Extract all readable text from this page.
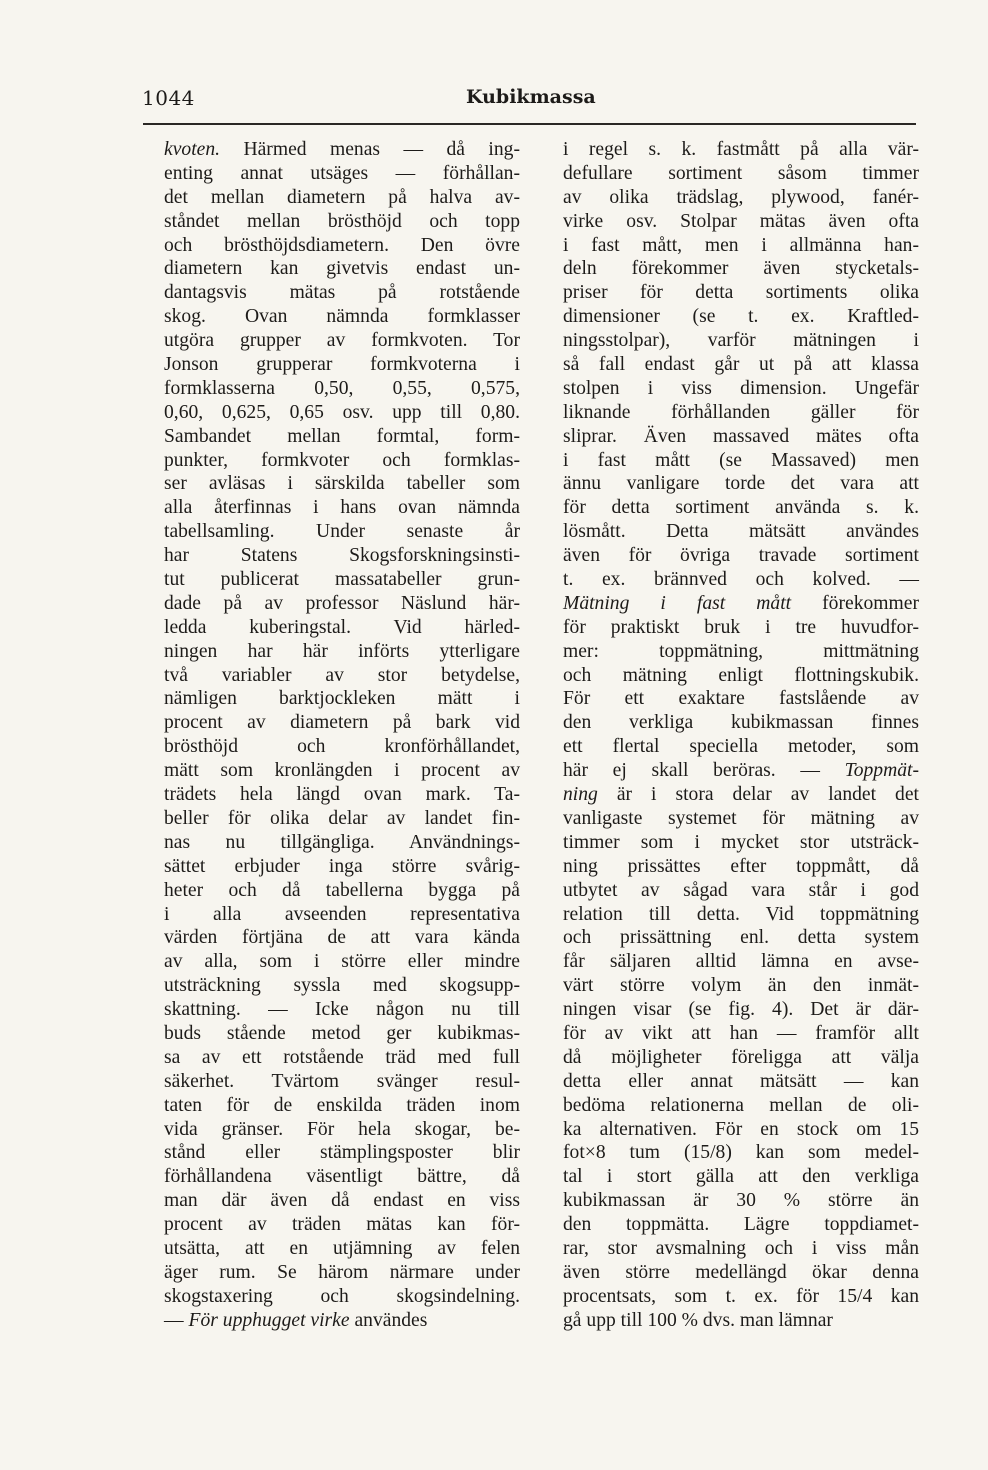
1044	Kubikmassa
kvoten. Härmed menas — då ing-
enting annat utsäges — förhållan-
det mellan diametern på halva av-
ståndet mellan brösthöjd och topp
och brösthöjdsdiametern. Den övre
diametern kan givetvis endast un-
dantagsvis mätas på rotstående
skog. Ovan nämnda formklasser
utgöra grupper av formkvoten. Tor
Jonson grupperar formkvoterna i
formklasserna 0,50, 0,55, 0,575,
0,60, 0,625, 0,65 osv. upp till 0,80.
Sambandet mellan formtal, form-
punkter, formkvoter och formklas-
ser avläsas i särskilda tabeller som
alla återfinnas i hans ovan nämnda
tabellsamling. Under senaste år
har Statens Skogsforskningsinsti-
tut publicerat massatabeller grun-
dade på av professor Näslund här-
ledda kuberingstal. Vid härled-
ningen har här införts ytterligare
två variabler av stor betydelse,
nämligen barktjockleken mätt i
procent av diametern på bark vid
brösthöjd och kronförhållandet,
mätt som kronlängden i procent av
trädets hela längd ovan mark. Ta-
beller för olika delar av landet fin-
nas nu tillgängliga. Användnings-
sättet erbjuder inga större svårig-
heter och då tabellerna bygga på
i alla avseenden representativa
värden förtjäna de att vara kända
av alla, som i större eller mindre
utsträckning syssla med skogsupp-
skattning. — Icke någon nu till
buds stående metod ger kubikmas-
sa av ett rotstående träd med full
säkerhet. Tvärtom svänger resul-
taten för de enskilda träden inom
vida gränser. För hela skogar, be-
stånd eller stämplingsposter blir
förhållandena väsentligt bättre, då
man där även då endast en viss
procent av träden mätas kan för-
utsätta, att en utjämning av felen
äger rum. Se härom närmare under
skogstaxering och skogsindelning.
— För upphugget virke användes
i regel s. k. fastmått på alla vär-
defullare sortiment såsom timmer
av olika trädslag, plywood, fanér-
virke osv. Stolpar mätas även ofta
i fast mått, men i allmänna han-
deln förekommer även stycketals-
priser för detta sortiments olika
dimensioner (se t. ex. Kraftled-
ningsstolpar), varför mätningen i
så fall endast går ut på att klassa
stolpen i viss dimension. Ungefär
liknande förhållanden gäller för
sliprar. Även massaved mätes ofta
i fast mått (se Massaved) men
ännu vanligare torde det vara att
för detta sortiment använda s. k.
lösmått. Detta mätsätt användes
även för övriga travade sortiment
t. ex. brännved och kolved. —
Mätning i fast mått förekommer
för praktiskt bruk i tre huvudfor-
mer: toppmätning, mittmätning
och mätning enligt flottningskubik.
För ett exaktare fastslående av
den verkliga kubikmassan finnes
ett flertal speciella metoder, som
här ej skall beröras. — Toppmät-
ning är i stora delar av landet det
vanligaste systemet för mätning av
timmer som i mycket stor utsträck-
ning prissättes efter toppmått, då
utbytet av sågad vara står i god
relation till detta. Vid toppmätning
och prissättning enl. detta system
får säljaren alltid lämna en avse-
värt större volym än den inmät-
ningen visar (se fig. 4). Det är där-
för av vikt att han — framför allt
då möjligheter föreligga att välja
detta eller annat mätsätt — kan
bedöma relationerna mellan de oli-
ka alternativen. För en stock om 15
fot×8 tum (15/8) kan som medel-
tal i stort gälla att den verkliga
kubikmassan är 30 % större än
den toppmätta. Lägre toppdiamet-
rar, stor avsmalning och i viss mån
även större medellängd ökar denna
procentsats, som t. ex. för 15/4 kan
gå upp till 100 % dvs. man lämnar
